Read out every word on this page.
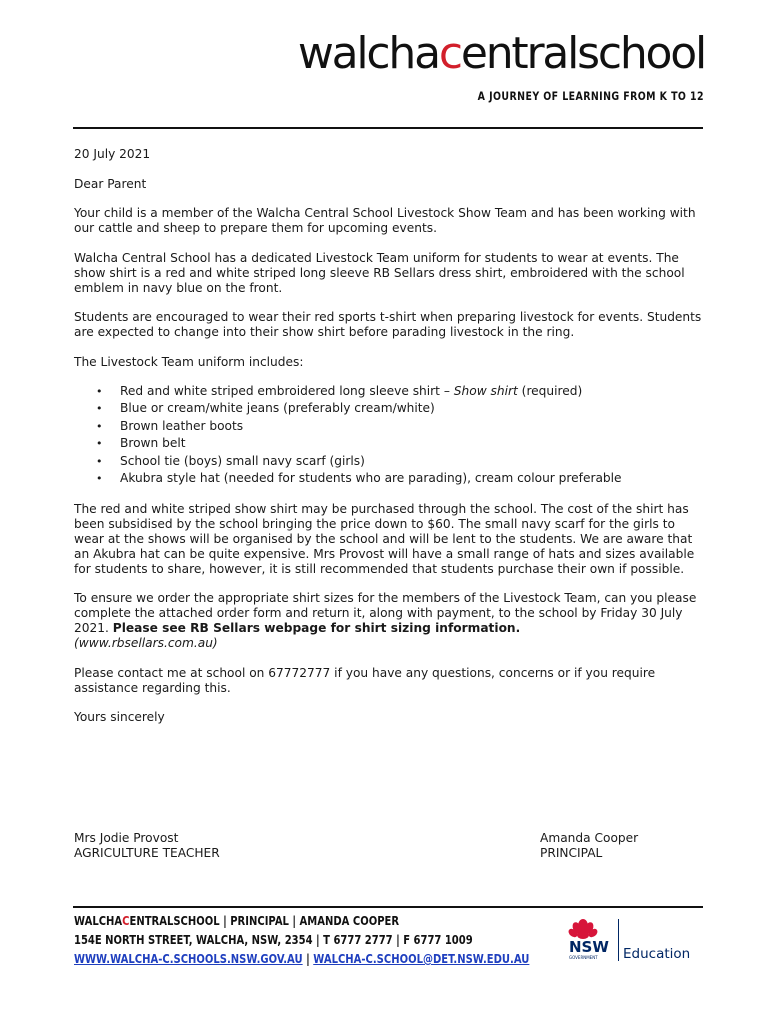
walchacentralschool
A JOURNEY OF LEARNING FROM K TO 12

20 July 2021

Dear Parent

Your child is a member of the Walcha Central School Livestock Show Team and has been working with our cattle and sheep to prepare them for upcoming events.

Walcha Central School has a dedicated Livestock Team uniform for students to wear at events. The show shirt is a red and white striped long sleeve RB Sellars dress shirt, embroidered with the school emblem in navy blue on the front.

Students are encouraged to wear their red sports t-shirt when preparing livestock for events. Students are expected to change into their show shirt before parading livestock in the ring.

The Livestock Team uniform includes:

• Red and white striped embroidered long sleeve shirt – Show shirt (required)
• Blue or cream/white jeans (preferably cream/white)
• Brown leather boots
• Brown belt
• School tie (boys) small navy scarf (girls)
• Akubra style hat (needed for students who are parading), cream colour preferable

The red and white striped show shirt may be purchased through the school. The cost of the shirt has been subsidised by the school bringing the price down to $60. The small navy scarf for the girls to wear at the shows will be organised by the school and will be lent to the students. We are aware that an Akubra hat can be quite expensive. Mrs Provost will have a small range of hats and sizes available for students to share, however, it is still recommended that students purchase their own if possible.

To ensure we order the appropriate shirt sizes for the members of the Livestock Team, can you please complete the attached order form and return it, along with payment, to the school by Friday 30 July 2021. Please see RB Sellars webpage for shirt sizing information.
(www.rbsellars.com.au)

Please contact me at school on 67772777 if you have any questions, concerns or if you require assistance regarding this.

Yours sincerely

Mrs Jodie Provost
AGRICULTURE TEACHER
Amanda Cooper
PRINCIPAL
WALCHACENTRALSCHOOL | PRINCIPAL | AMANDA COOPER
154E NORTH STREET, WALCHA, NSW, 2354 | T 6777 2777 | F 6777 1009
WWW.WALCHA-C.SCHOOLS.NSW.GOV.AU | WALCHA-C.SCHOOL@DET.NSW.EDU.AU
NSW
GOVERNMENT Education
